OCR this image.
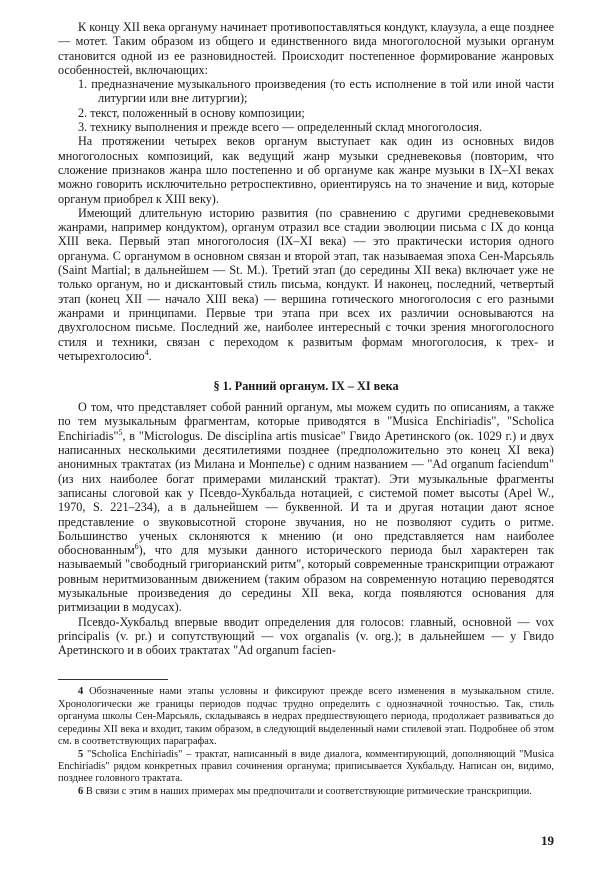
К концу XII века органуму начинает противопоставляться кондукт, клаузула, а еще позднее — мотет. Таким образом из общего и единственного вида многоголосной музыки органум становится одной из ее разновидностей. Происходит постепенное формирование жанровых особенностей, включающих:

1. предназначение музыкального произведения (то есть исполнение в той или иной части литургии или вне литургии);

2. текст, положенный в основу композиции;

3. технику выполнения и прежде всего — определенный склад многоголосия.

На протяжении четырех веков органум выступает как один из основных видов многоголосных композиций, как ведущий жанр музыки средневековья (повторим, что сложение признаков жанра шло постепенно и об органуме как жанре музыки в IX–XI веках можно говорить исключительно ретроспективно, ориентируясь на то значение и вид, которые органум приобрел к XIII веку).

Имеющий длительную историю развития (по сравнению с другими средневековыми жанрами, например кондуктом), органум отразил все стадии эволюции письма с IX до конца XIII века. Первый этап многоголосия (IX–XI века) — это практически история одного органума. С органумом в основном связан и второй этап, так называемая эпоха Сен-Марсьяль (Saint Martial; в дальнейшем — St. M.). Третий этап (до середины XII века) включает уже не только органум, но и дискантовый стиль письма, кондукт. И наконец, последний, четвертый этап (конец XII — начало XIII века) — вершина готического многоголосия с его разными жанрами и принципами. Первые три этапа при всех их различии основываются на двухголосном письме. Последний же, наиболее интересный с точки зрения многоголосного стиля и техники, связан с переходом к развитым формам многоголосия, к трех- и четырехголосию$^4$.

§ 1. Ранний органум. IX – XI века

О том, что представляет собой ранний органум, мы можем судить по описаниям, а также по тем музыкальным фрагментам, которые приводятся в "Musica Enchiriadis", "Scholica Enchiriadis"$^5$, в "Micrologus. De disciplina artis musicae" Гвидо Аретинского (ок. 1029 г.) и двух написанных несколькими десятилетиями позднее (предположительно это конец XI века) анонимных трактатах (из Милана и Монпелье) с одним названием — "Ad organum faciendum" (из них наиболее богат примерами миланский трактат). Эти музыкальные фрагменты записаны слоговой как у Псевдо-Хукбальда нотацией, с системой помет высоты (Apel W., 1970, S. 221–234), а в дальнейшем — буквенной. И та и другая нотации дают ясное представление о звуковысотной стороне звучания, но не позволяют судить о ритме. Большинство ученых склоняются к мнению (и оно представляется нам наиболее обоснованным$^6$), что для музыки данного исторического периода был характерен так называемый "свободный григорианский ритм", который современные транскрипции отражают ровным неритмизованным движением (таким образом на современную нотацию переводятся музыкальные произведения до середины XII века, когда появляются основания для ритмизации в модусах).

Псевдо-Хукбальд впервые вводит определения для голосов: главный, основной — vox principalis (v. pr.) и сопутствующий — vox organalis (v. org.); в дальнейшем — у Гвидо Аретинского и в обоих трактатах "Ad organum facien-

4 Обозначенные нами этапы условны и фиксируют прежде всего изменения в музыкальном стиле. Хронологически же границы периодов подчас трудно определить с однозначной точностью. Так, стиль органума школы Сен-Марсьяль, складываясь в недрах предшествующего периода, продолжает развиваться до середины XII века и входит, таким образом, в следующий выделенный нами стилевой этап. Подробнее об этом см. в соответствующих параграфах.

5 "Scholica Enchiriadis" – трактат, написанный в виде диалога, комментирующий, дополняющий "Musica Enchiriadis" рядом конкретных правил сочинения органума; приписывается Хукбальду. Написан он, видимо, позднее головного трактата.

6 В связи с этим в наших примерах мы предпочитали и соответствующие ритмические транскрипции.

19
